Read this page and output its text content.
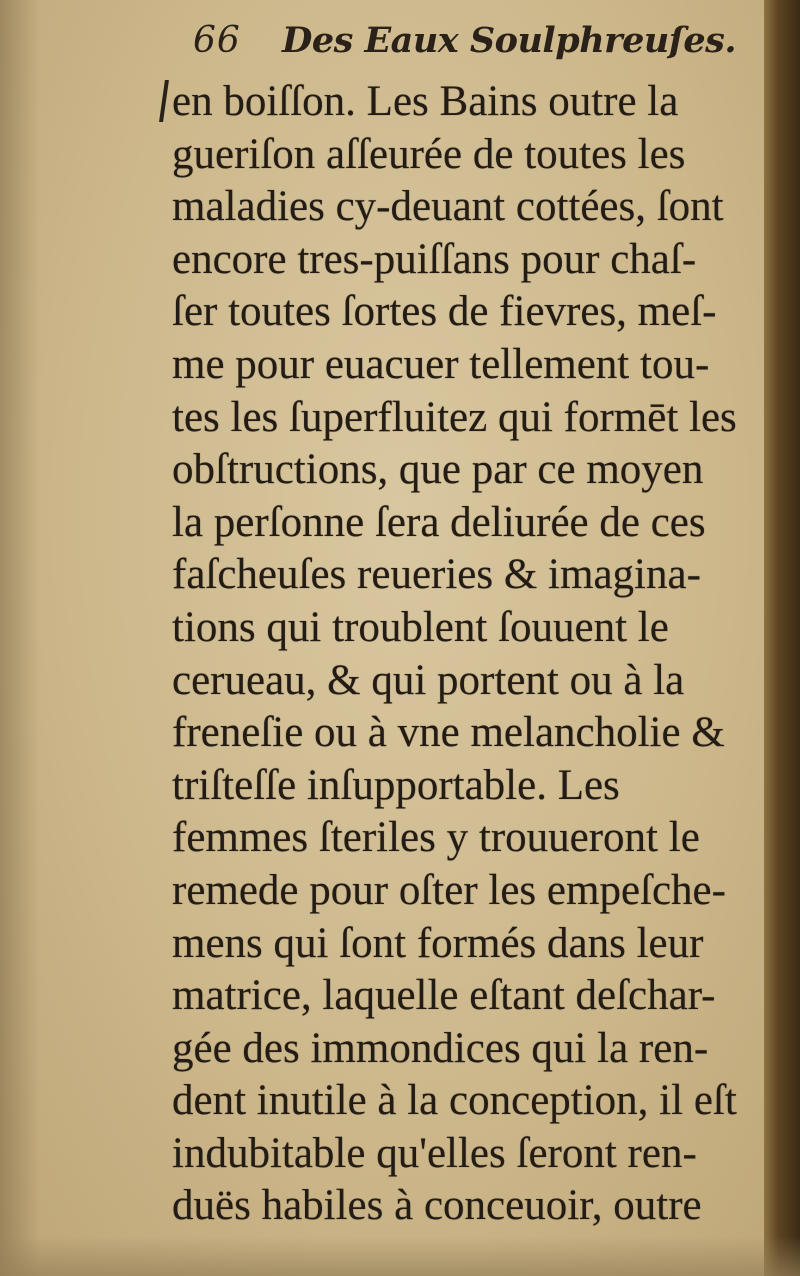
66 Des Eaux Soulphreuſes.
en boiſſon. Les Bains outre la
gueriſon aſſeurée de toutes les
maladies cy-deuant cottées, ſont
encore tres-puiſſans pour chaſ-
ſer toutes ſortes de fievres, meſ-
me pour euacuer tellement tou-
tes les ſuperfluitez qui formēt les
obſtructions, que par ce moyen
la perſonne ſera deliurée de ces
faſcheuſes reueries & imagina-
tions qui troublent ſouuent le
cerueau, & qui portent ou à la
freneſie ou à vne melancholie &
triſteſſe inſupportable. Les
femmes ſteriles y trouueront le
remede pour oſter les empeſche-
mens qui ſont formés dans leur
matrice, laquelle eſtant deſchar-
gée des immondices qui la ren-
dent inutile à la conception, il eſt
indubitable qu'elles ſeront ren-
duës habiles à conceuoir, outre
